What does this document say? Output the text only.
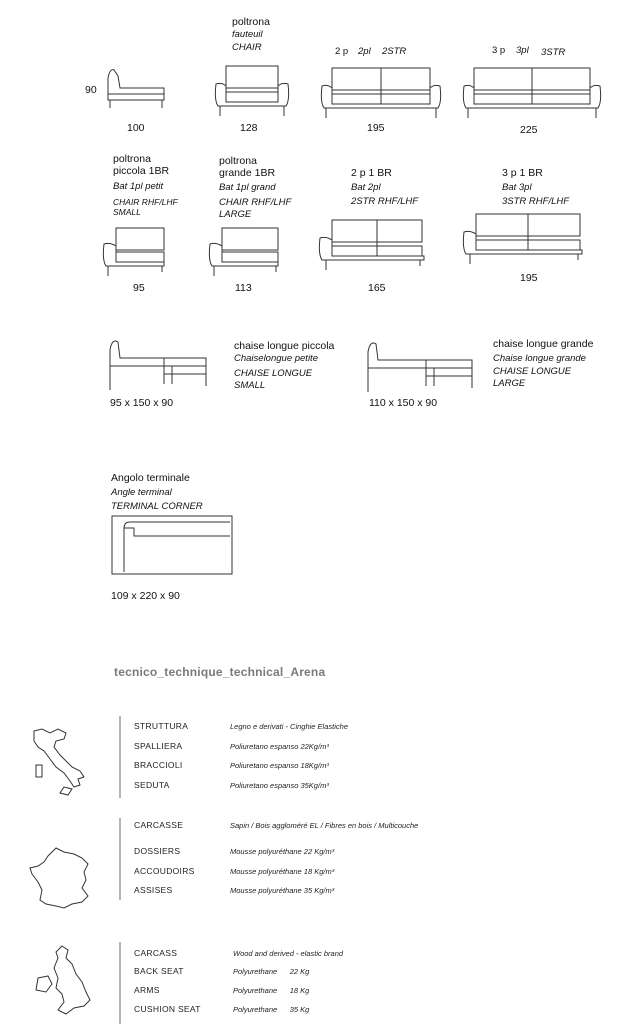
90
100
poltrona
fauteuil
CHAIR
128
2 p 2pl 2STR
195
3 p 3pl 3STR
225
poltrona
piccola 1BR
Bat 1pl petit
CHAIR RHF/LHF
SMALL
95
poltrona
grande 1BR
Bat 1pl grand
CHAIR RHF/LHF
LARGE
113
2 p 1 BR
Bat 2pl
2STR RHF/LHF
165
3 p 1 BR
Bat 3pl
3STR RHF/LHF
195
chaise longue piccola
Chaiselongue petite
CHAISE LONGUE
SMALL
95 x 150 x 90
chaise longue grande
Chaise longue grande
CHAISE LONGUE
LARGE
110 x 150 x 90
Angolo terminale
Angle terminal
TERMINAL CORNER
109 x 220 x 90
tecnico_technique_technical_Arena
STRUTTURA	Legno e derivati - Cinghie Elastiche
SPALLIERA	Poliuretano espanso 22Kg/m³
BRACCIOLI	Poliuretano espanso 18Kg/m³
SEDUTA	Poliuretano espanso 35Kg/m³
CARCASSE	Sapin / Bois aggloméré EL / Fibres en bois / Multicouche
DOSSIERS	Mousse polyuréthane 22 Kg/m³
ACCOUDOIRS	Mousse polyuréthane 18 Kg/m³
ASSISES	Mousse polyuréthane 35 Kg/m³
CARCASS	Wood and derived - elastic brand
BACK SEAT	Polyurethane      22 Kg
ARMS	Polyurethane      18 Kg
CUSHION SEAT	Polyurethane      35 Kg
